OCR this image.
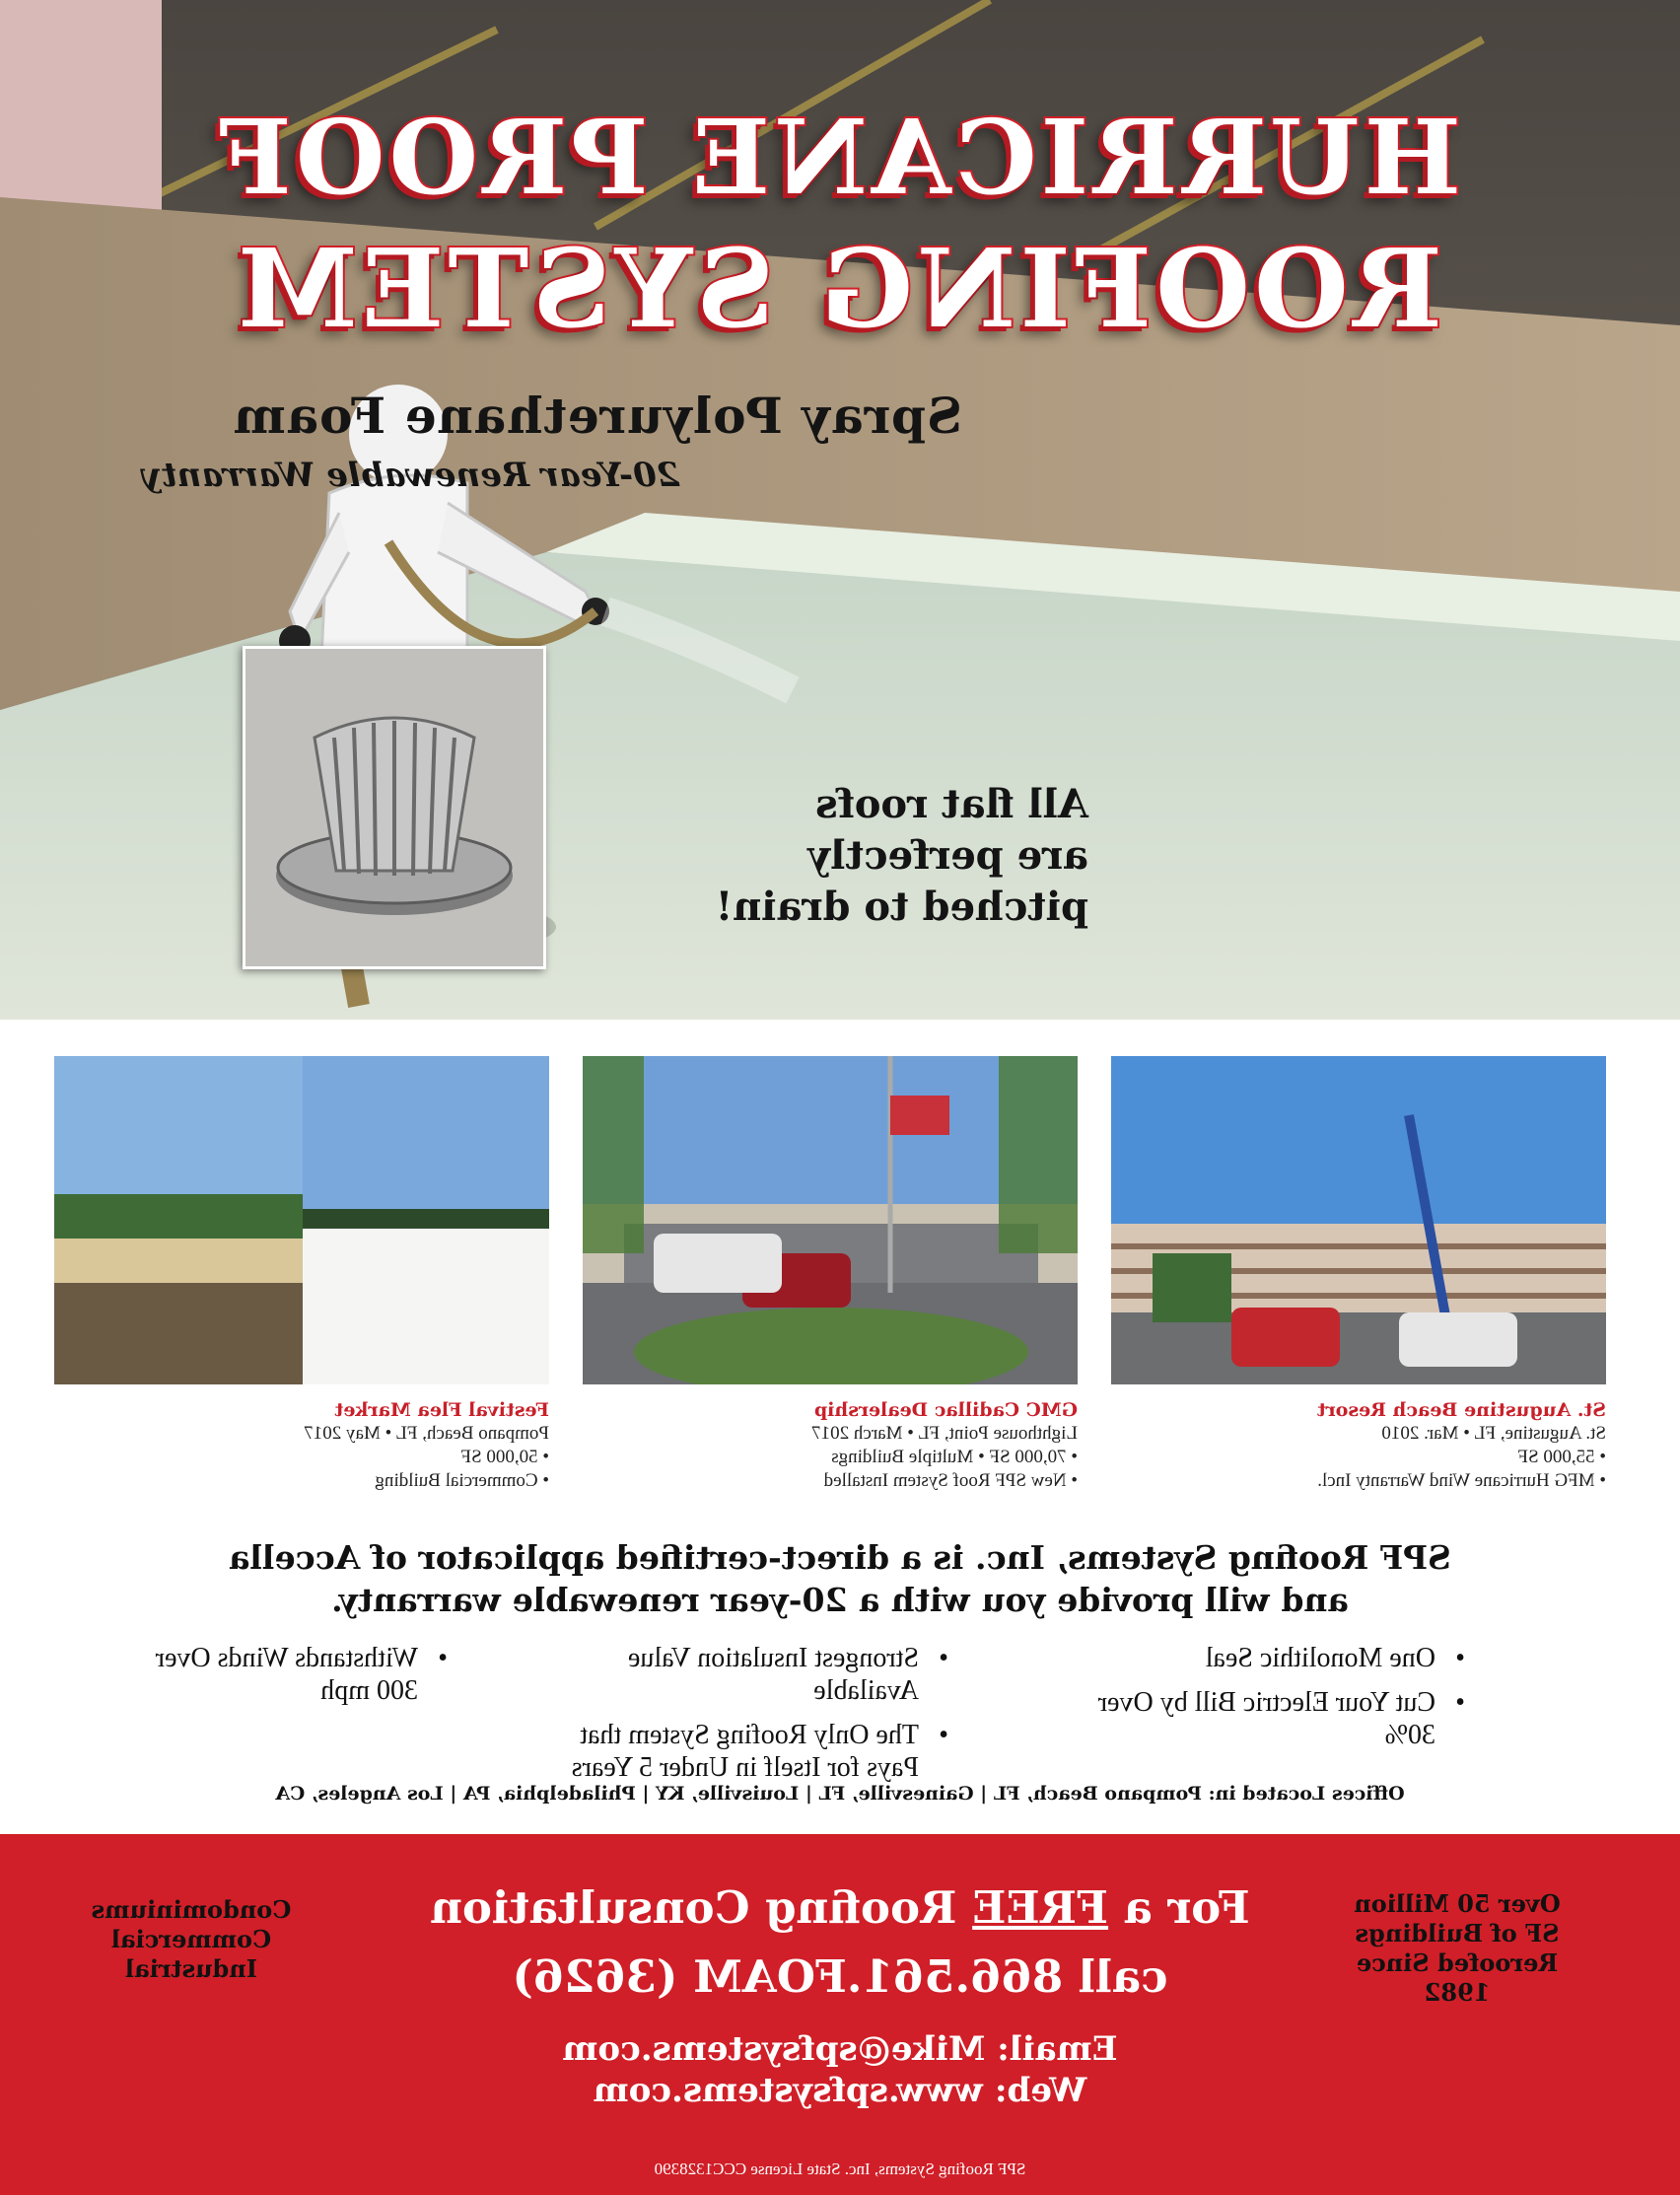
HURRICANE PROOF
ROOFING SYSTEM
Spray Polyurethane Foam
20-Year Renewable Warranty
All flat roofs
are perfectly
pitched to drain!
Festival Flea Market
Pompano Beach, FL • May 2017
• 50,000 SF
• Commercial Building
GMC Cadillac Dealership
Lighthouse Point, FL • March 2017
• 70,000 SF • Multiple Buildings
• New SPF Roof System Installed
St. Augustine Beach Resort
St. Augustine, FL • Mar. 2010
• 55,000 SF
• MFG Hurricane Wind Warranty Incl.
SPF Roofing Systems, Inc. is a direct-certified applicator of Accella
and will provide you with a 20-year renewable warranty.
• One Monolithic Seal
• Cut Your Electric Bill by Over 30%
• Strongest Insulation Value Available
• The Only Roofing System that Pays for Itself in Under 5 Years
• Withstands Winds Over 300 mph
Offices Located in: Pompano Beach, FL | Gainesville, FL | Louisville, KY | Philadelphia, PA | Los Angeles, CA
Condominiums
Commercial
Industrial
For a FREE Roofing Consultation
call 866.561.FOAM (3626)
Email: Mike@spfsystems.com
Web: www.spfsystems.com
Over 50 Million
SF of Buildings
Reroofed Since
1982
SPF Roofing Systems, Inc. State License CCC1328390
